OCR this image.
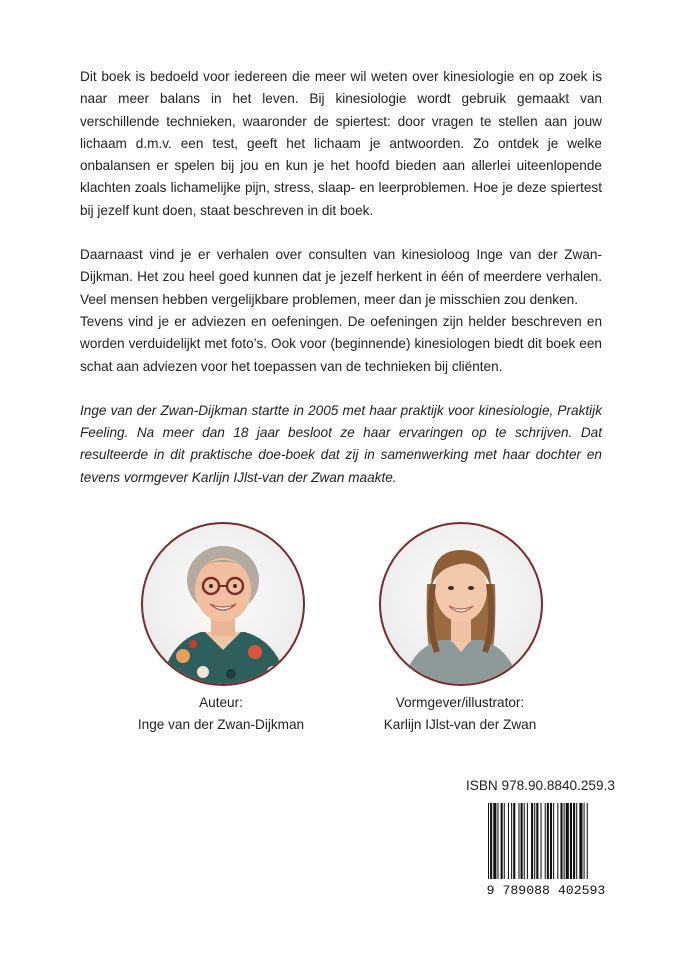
Dit boek is bedoeld voor iedereen die meer wil weten over kinesiologie en op zoek is naar meer balans in het leven. Bij kinesiologie wordt gebruik gemaakt van verschillende technieken, waaronder de spiertest: door vragen te stellen aan jouw lichaam d.m.v. een test, geeft het lichaam je antwoorden. Zo ontdek je welke onbalansen er spelen bij jou en kun je het hoofd bieden aan allerlei uiteenlopende klachten zoals lichamelijke pijn, stress, slaap- en leerproblemen. Hoe je deze spiertest bij jezelf kunt doen, staat beschreven in dit boek.

Daarnaast vind je er verhalen over consulten van kinesioloog Inge van der Zwan-Dijkman. Het zou heel goed kunnen dat je jezelf herkent in één of meerdere verhalen. Veel mensen hebben vergelijkbare problemen, meer dan je misschien zou denken.

Tevens vind je er adviezen en oefeningen. De oefeningen zijn helder beschreven en worden verduidelijkt met foto’s. Ook voor (beginnende) kinesiologen biedt dit boek een schat aan adviezen voor het toepassen van de technieken bij cliënten.

Inge van der Zwan-Dijkman startte in 2005 met haar praktijk voor kinesiologie, Praktijk Feeling. Na meer dan 18 jaar besloot ze haar ervaringen op te schrijven. Dat resulteerde in dit praktische doe-boek dat zij in samenwerking met haar dochter en tevens vormgever Karlijn IJlst-van der Zwan maakte.

Auteur:
Inge van der Zwan-Dijkman
Vormgever/illustrator:
Karlijn IJlst-van der Zwan
ISBN 978.90.8840.259.3
9 789088 402593
